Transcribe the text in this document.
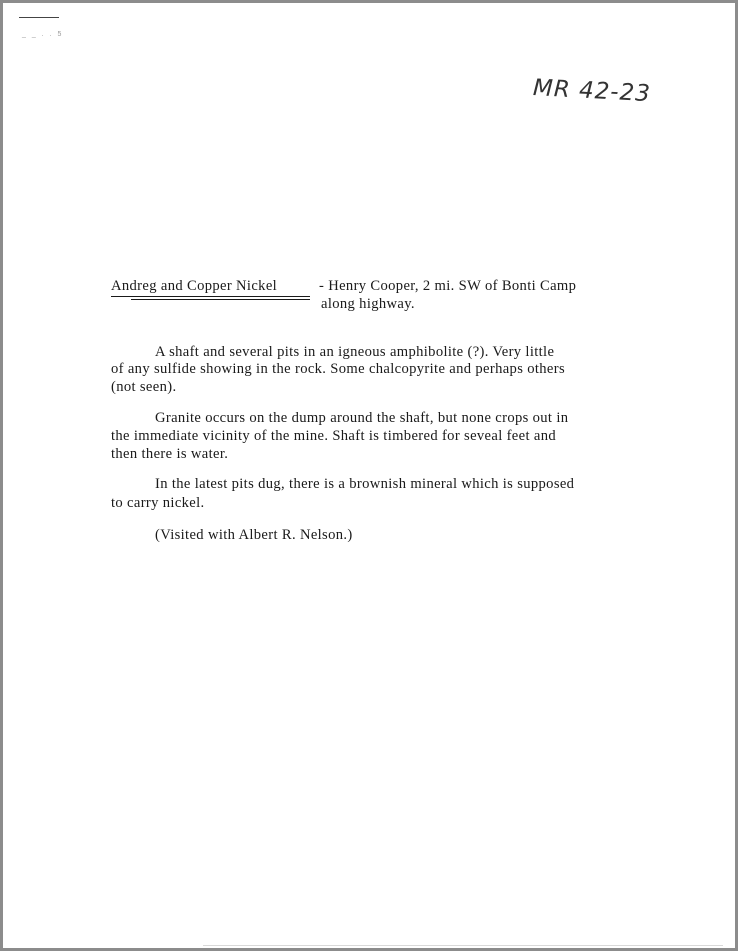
_ _ . . 5
MR 42-23
Andreg and Copper Nickel	- Henry Cooper, 2 mi. SW of Bonti Camp
along highway.
A shaft and several pits in an igneous amphibolite (?). Very little
of any sulfide showing in the rock. Some chalcopyrite and perhaps others
(not seen).
Granite occurs on the dump around the shaft, but none crops out in
the immediate vicinity of the mine. Shaft is timbered for seveal feet and
then there is water.
In the latest pits dug, there is a brownish mineral which is supposed
to carry nickel.
(Visited with Albert R. Nelson.)
